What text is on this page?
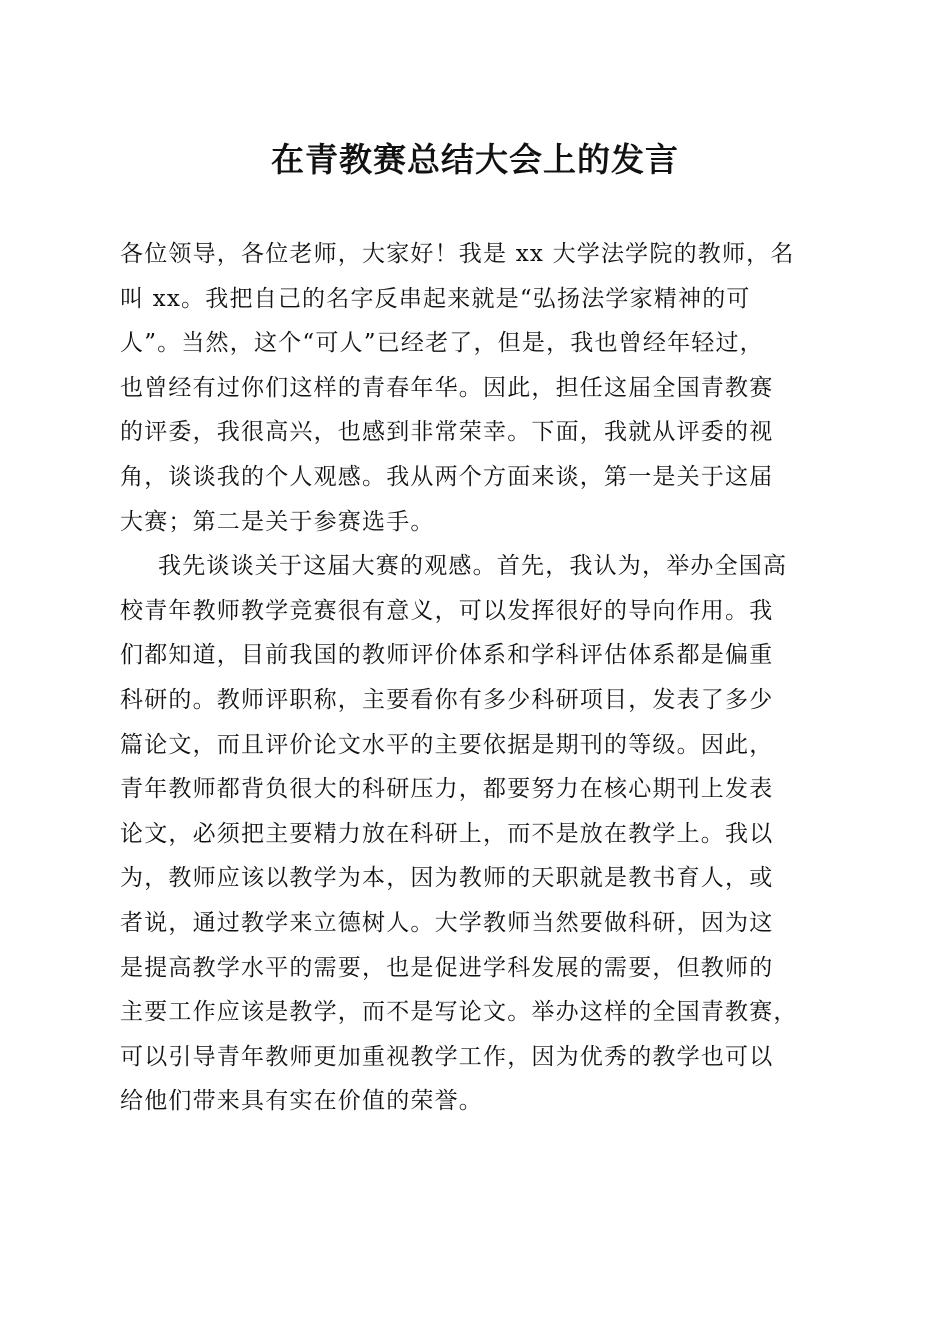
在青教赛总结大会上的发言
各位领导，各位老师，大家好！我是 xx 大学法学院的教师，名
叫 xx。我把自己的名字反串起来就是“弘扬法学家精神的可
人”。当然，这个“可人”已经老了，但是，我也曾经年轻过，
也曾经有过你们这样的青春年华。因此，担任这届全国青教赛
的评委，我很高兴，也感到非常荣幸。下面，我就从评委的视
角，谈谈我的个人观感。我从两个方面来谈，第一是关于这届
大赛；第二是关于参赛选手。
我先谈谈关于这届大赛的观感。首先，我认为，举办全国高
校青年教师教学竞赛很有意义，可以发挥很好的导向作用。我
们都知道，目前我国的教师评价体系和学科评估体系都是偏重
科研的。教师评职称，主要看你有多少科研项目，发表了多少
篇论文，而且评价论文水平的主要依据是期刊的等级。因此，
青年教师都背负很大的科研压力，都要努力在核心期刊上发表
论文，必须把主要精力放在科研上，而不是放在教学上。我以
为，教师应该以教学为本，因为教师的天职就是教书育人，或
者说，通过教学来立德树人。大学教师当然要做科研，因为这
是提高教学水平的需要，也是促进学科发展的需要，但教师的
主要工作应该是教学，而不是写论文。举办这样的全国青教赛，
可以引导青年教师更加重视教学工作，因为优秀的教学也可以
给他们带来具有实在价值的荣誉。
